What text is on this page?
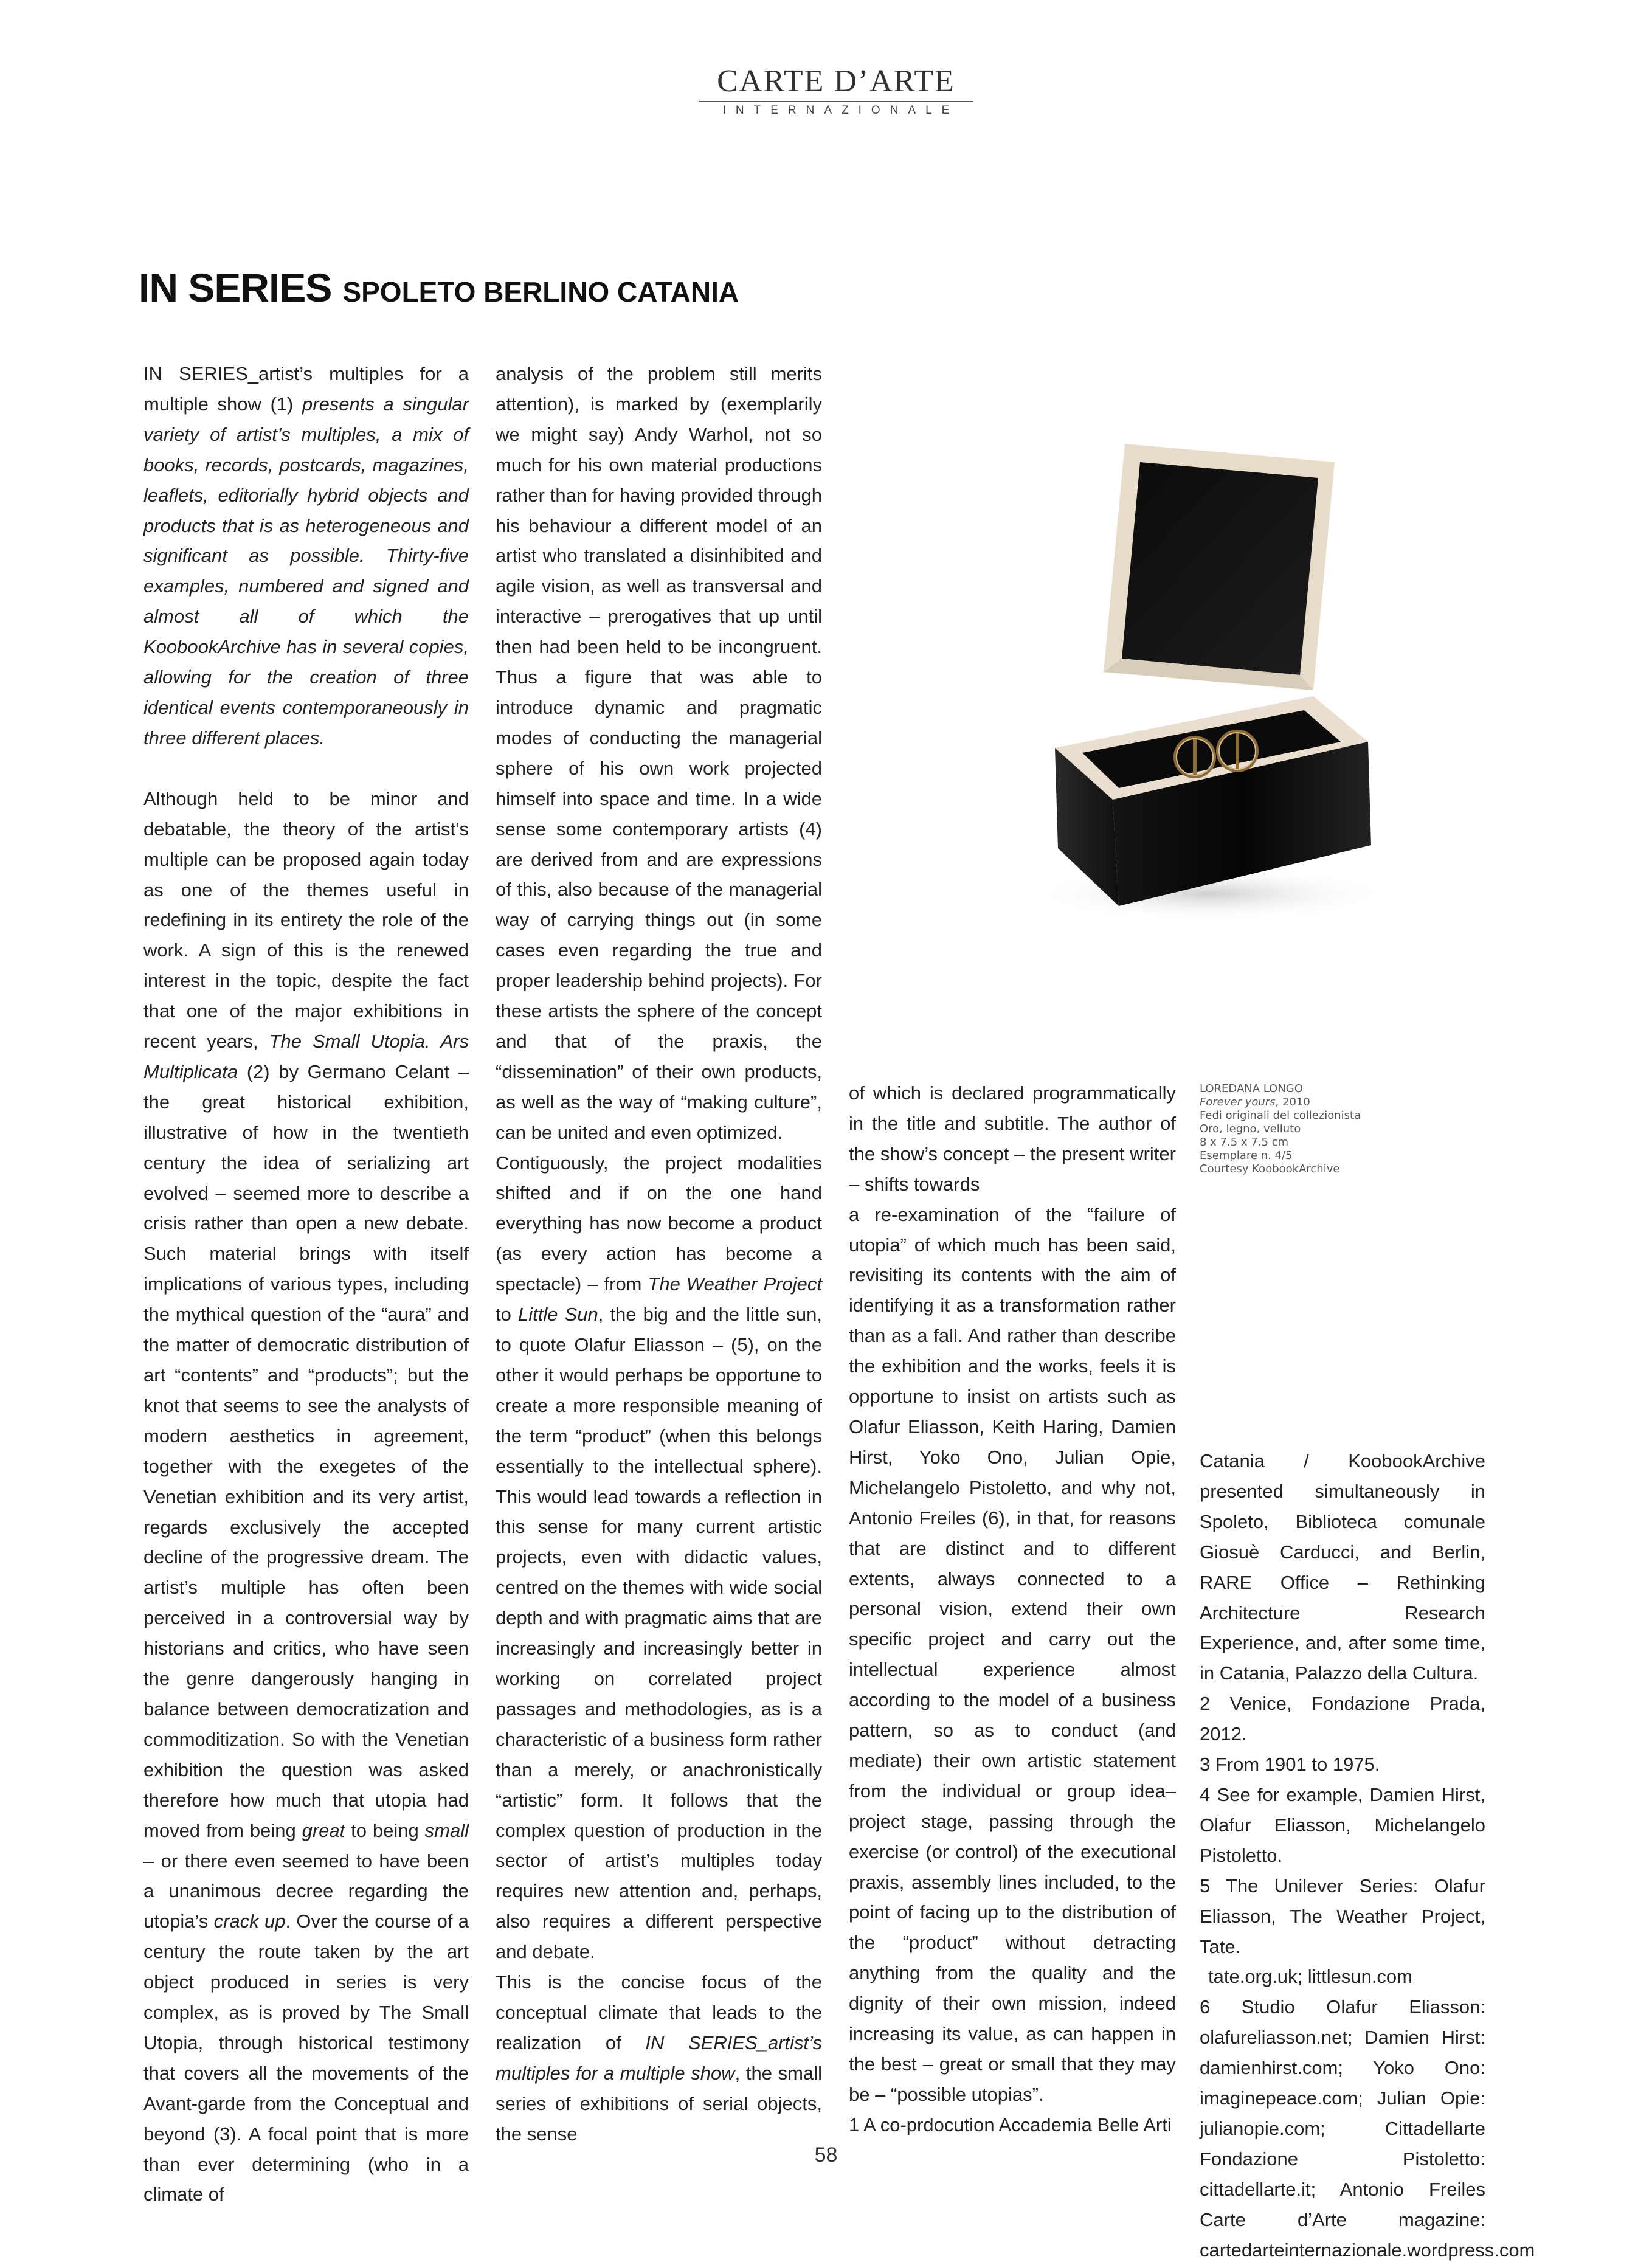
CARTE D’ARTE
INTERNAZIONALE
IN SERIES SPOLETO BERLINO CATANIA

IN SERIES_artist’s multiples for a multiple show (1) presents a singular variety of artist’s multiples, a mix of books, records, postcards, magazines, leaflets, editorially hybrid objects and products that is as heterogeneous and significant as possible. Thirty-five examples, numbered and signed and almost all of which the KoobookArchive has in several copies, allowing for the creation of three identical events contemporaneously in three different places.

Although held to be minor and debatable, the theory of the artist’s multiple can be proposed again today as one of the themes useful in redefining in its entirety the role of the work. A sign of this is the renewed interest in the topic, despite the fact that one of the major exhibitions in recent years, The Small Utopia. Ars Multiplicata (2) by Germano Celant – the great historical exhibition, illustrative of how in the twentieth century the idea of serializing art evolved – seemed more to describe a crisis rather than open a new debate. Such material brings with itself implications of various types, including the mythical question of the “aura” and the matter of democratic distribution of art “contents” and “products”; but the knot that seems to see the analysts of modern aesthetics in agreement, together with the exegetes of the Venetian exhibition and its very artist, regards exclusively the accepted decline of the progressive dream. The artist’s multiple has often been perceived in a controversial way by historians and critics, who have seen the genre dangerously hanging in balance between democratization and commoditization. So with the Venetian exhibition the question was asked therefore how much that utopia had moved from being great to being small – or there even seemed to have been a unanimous decree regarding the utopia’s crack up. Over the course of a century the route taken by the art object produced in series is very complex, as is proved by The Small Utopia, through historical testimony that covers all the movements of the Avant-garde from the Conceptual and beyond (3). A focal point that is more than ever determining (who in a climate of

analysis of the problem still merits attention), is marked by (exemplarily we might say) Andy Warhol, not so much for his own material productions rather than for having provided through his behaviour a different model of an artist who translated a disinhibited and agile vision, as well as transversal and interactive – prerogatives that up until then had been held to be incongruent. Thus a figure that was able to introduce dynamic and pragmatic modes of conducting the managerial sphere of his own work projected himself into space and time. In a wide sense some contemporary artists (4) are derived from and are expressions of this, also because of the managerial way of carrying things out (in some cases even regarding the true and proper leadership behind projects). For these artists the sphere of the concept and that of the praxis, the “dissemination” of their own products, as well as the way of “making culture”, can be united and even optimized.

Contiguously, the project modalities shifted and if on the one hand everything has now become a product (as every action has become a spectacle) – from The Weather Project to Little Sun, the big and the little sun, to quote Olafur Eliasson – (5), on the other it would perhaps be opportune to create a more responsible meaning of the term “product” (when this belongs essentially to the intellectual sphere). This would lead towards a reflection in this sense for many current artistic projects, even with didactic values, centred on the themes with wide social depth and with pragmatic aims that are increasingly and increasingly better in working on correlated project passages and methodologies, as is a characteristic of a business form rather than a merely, or anachronistically “artistic” form. It follows that the complex question of production in the sector of artist’s multiples today requires new attention and, perhaps, also requires a different perspective and debate.

This is the concise focus of the conceptual climate that leads to the realization of IN SERIES_artist’s multiples for a multiple show, the small series of exhibitions of serial objects, the sense

LOREDANA LONGO
Forever yours, 2010
Fedi originali del collezionista
Oro, legno, velluto
8 x 7.5 x 7.5 cm
Esemplare n. 4/5
Courtesy KoobookArchive

of which is declared programmatically in the title and subtitle. The author of the show’s concept – the present writer – shifts towards

a re-examination of the “failure of utopia” of which much has been said, revisiting its contents with the aim of identifying it as a transformation rather than as a fall. And rather than describe the exhibition and the works, feels it is opportune to insist on artists such as Olafur Eliasson, Keith Haring, Damien Hirst, Yoko Ono, Julian Opie, Michelangelo Pistoletto, and why not, Antonio Freiles (6), in that, for reasons that are distinct and to different extents, always connected to a personal vision, extend their own specific project and carry out the intellectual experience almost according to the model of a business pattern, so as to conduct (and mediate) their own artistic statement from the individual or group idea–project stage, passing through the exercise (or control) of the executional praxis, assembly lines included, to the point of facing up to the distribution of the “product” without detracting anything from the quality and the dignity of their own mission, indeed increasing its value, as can happen in the best – great or small that they may be – “possible utopias”.

1 A co-prdocution Accademia Belle Arti

Catania / KoobookArchive presented simultaneously in Spoleto, Biblioteca comunale Giosuè Carducci, and Berlin, RARE Office – Rethinking Architecture Research Experience, and, after some time, in Catania, Palazzo della Cultura.

2 Venice, Fondazione Prada, 2012.

3 From 1901 to 1975.

4 See for example, Damien Hirst, Olafur Eliasson, Michelangelo Pistoletto.

5 The Unilever Series: Olafur Eliasson, The Weather Project, Tate.

tate.org.uk; littlesun.com

6 Studio Olafur Eliasson: olafureliasson.net; Damien Hirst: damienhirst.com; Yoko Ono: imaginepeace.com; Julian Opie: julianopie.com; Cittadellarte Fondazione Pistoletto: cittadellarte.it; Antonio Freiles Carte d’Arte magazine: cartedarteinternazionale.wordpress.com

58
